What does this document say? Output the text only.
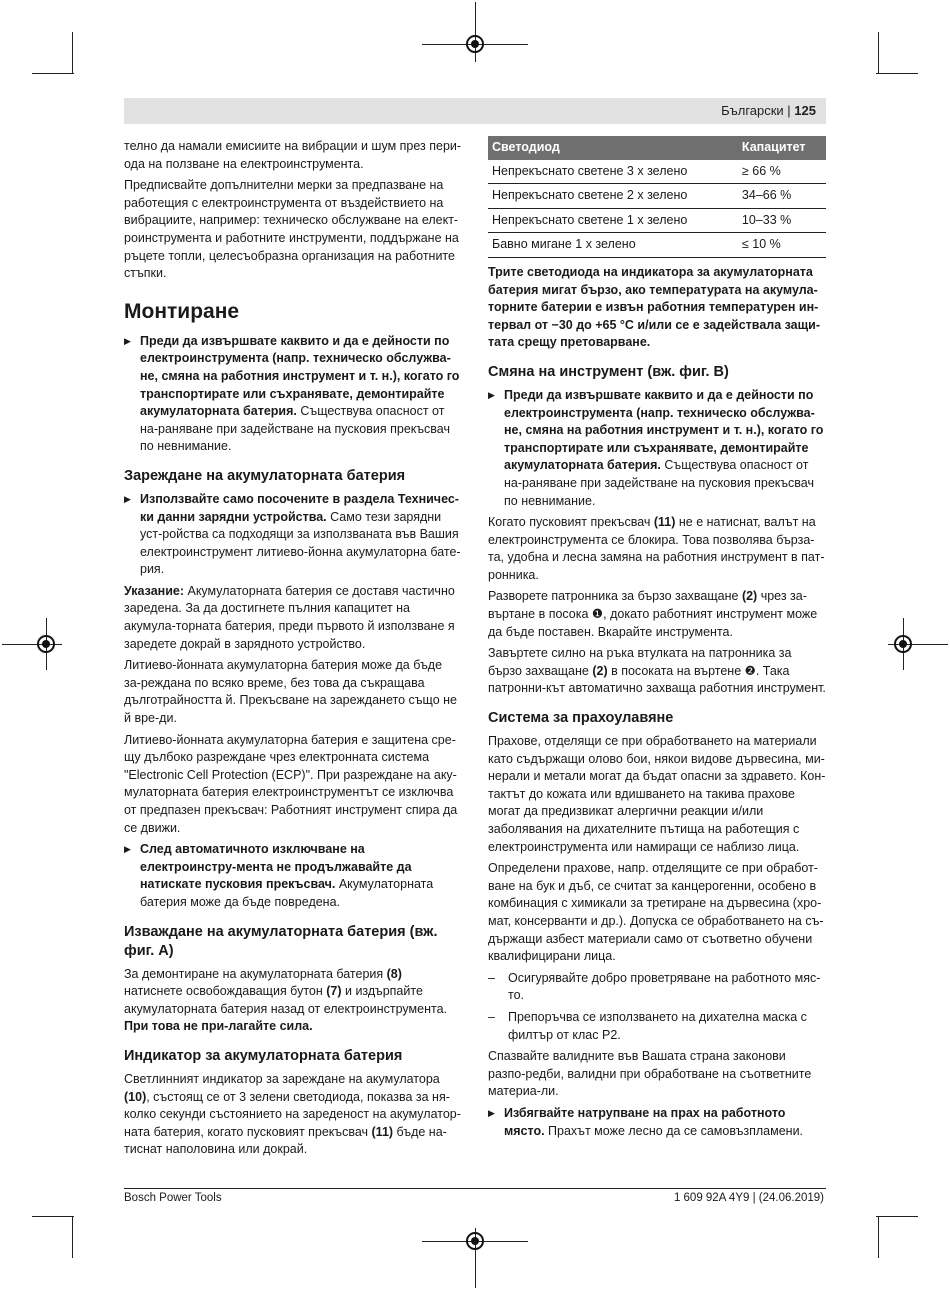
Български | 125

телно да намали емисиите на вибрации и шум през пери-ода на ползване на електроинструмента.

Предписвайте допълнителни мерки за предпазване на работещия с електроинструмента от въздействието на вибрациите, например: техническо обслужване на елект-роинструмента и работните инструменти, поддържане на ръцете топли, целесъобразна организация на работните стъпки.

Монтиране

▶ Преди да извършвате каквито и да е дейности по електроинструмента (напр. техническо обслужва-не, смяна на работния инструмент и т. н.), когато го транспортирате или съхранявате, демонтирайте акумулаторната батерия. Съществува опасност от на-раняване при задействане на пусковия прекъсвач по невнимание.

Зареждане на акумулаторната батерия

▶ Използвайте само посочените в раздела Техничес-ки данни зарядни устройства. Само тези зарядни уст-ройства са подходящи за използваната във Вашия електроинструмент литиево-йонна акумулаторна бате-рия.

Указание: Акумулаторната батерия се доставя частично заредена. За да достигнете пълния капацитет на акумула-торната батерия, преди първото й използване я заредете докрай в зарядното устройство.

Литиево-йонната акумулаторна батерия може да бъде за-реждана по всяко време, без това да съкращава дълготрайността й. Прекъсване на зареждането също не й вре-ди.

Литиево-йонната акумулаторна батерия е защитена сре-щу дълбоко разреждане чрез електронната система "Electronic Cell Protection (ECP)". При разреждане на аку-мулаторната батерия електроинструментът се изключва от предпазен прекъсвач: Работният инструмент спира да се движи.

▶ След автоматичното изключване на електроинстру-мента не продължавайте да натискате пусковия прекъсвач. Акумулаторната батерия може да бъде повредена.

Изваждане на акумулаторната батерия (вж. фиг. A)

За демонтиране на акумулаторната батерия (8) натиснете освобождаващия бутон (7) и издърпайте акумулаторната батерия назад от електроинструмента. При това не при-лагайте сила.

Индикатор за акумулаторната батерия

Светлинният индикатор за зареждане на акумулатора (10), състоящ се от 3 зелени светодиода, показва за ня-колко секунди състоянието на зареденост на акумулатор-ната батерия, когато пусковият прекъсвач (11) бъде на-тиснат наполовина или докрай.

Светодиод	Капацитет
Непрекъснато светене 3 х зелено	≥ 66 %
Непрекъснато светене 2 х зелено	34–66 %
Непрекъснато светене 1 х зелено	10–33 %
Бавно мигане 1 х зелено	≤ 10 %

Трите светодиода на индикатора за акумулаторната батерия мигат бързо, ако температурата на акумула-торните батерии е извън работния температурен ин-тервал от −30 до +65 °C и/или се е задействала защи-тата срещу претоварване.

Смяна на инструмент (вж. фиг. B)

▶ Преди да извършвате каквито и да е дейности по електроинструмента (напр. техническо обслужва-не, смяна на работния инструмент и т. н.), когато го транспортирате или съхранявате, демонтирайте акумулаторната батерия. Съществува опасност от на-раняване при задействане на пусковия прекъсвач по невнимание.

Когато пусковият прекъсвач (11) не е натиснат, валът на електроинструмента се блокира. Това позволява бърза-та, удобна и лесна замяна на работния инструмент в пат-ронника.

Разворете патронника за бързо захващане (2) чрез за-въртане в посока ❶, докато работният инструмент може да бъде поставен. Вкарайте инструмента.

Завъртете силно на ръка втулката на патронника за бързо захващане (2) в посоката на въртене ❷. Така патронни-кът автоматично захваща работния инструмент.

Система за прахоулавяне

Прахове, отделящи се при обработването на материали като съдържащи олово бои, някои видове дървесина, ми-нерали и метали могат да бъдат опасни за здравето. Кон-тактът до кожата или вдишването на такива прахове могат да предизвикат алергични реакции и/или заболявания на дихателните пътища на работещия с електроинструмента или намиращи се наблизо лица.

Определени прахове, напр. отделящите се при обработ-ване на бук и дъб, се считат за канцерогенни, особено в комбинация с химикали за третиране на дървесина (хро-мат, консерванти и др.). Допуска се обработването на съ-държащи азбест материали само от съответно обучени квалифицирани лица.

– Осигурявайте добро проветряване на работното мяс-то.

– Препоръчва се използването на дихателна маска с филтър от клас P2.

Спазвайте валидните във Вашата страна законови разпо-редби, валидни при обработване на съответните материа-ли.

▶ Избягвайте натрупване на прах на работното място. Прахът може лесно да се самовъзпламени.

Bosch Power Tools	1 609 92A 4Y9 | (24.06.2019)
